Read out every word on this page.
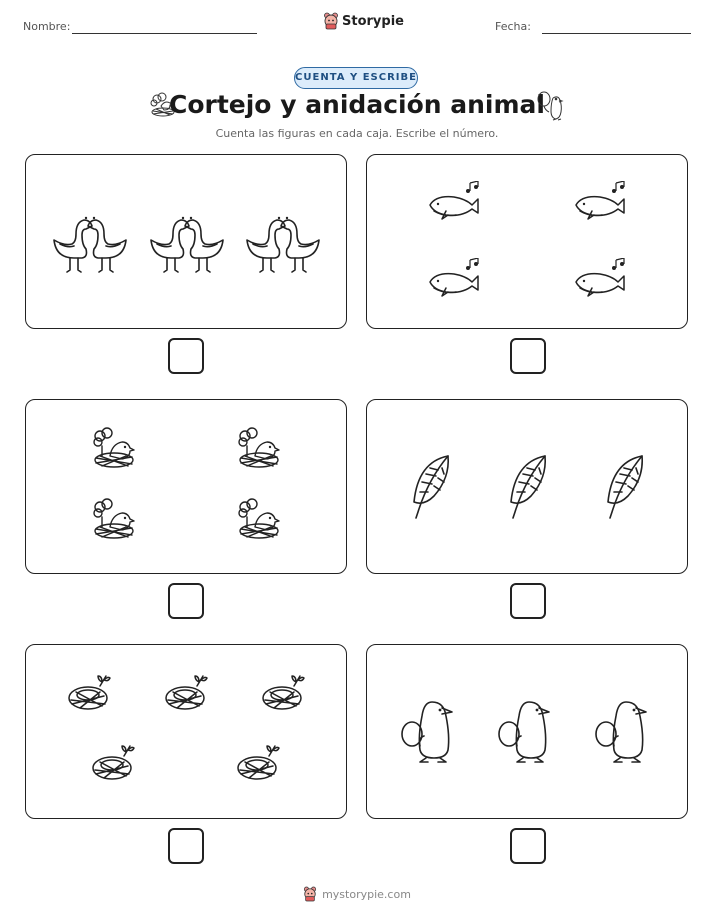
Nombre:	Storypie	Fecha:
CUENTA Y ESCRIBE
Cortejo y anidación animal
Cuenta las figuras en cada caja. Escribe el número.
mystorypie.com
